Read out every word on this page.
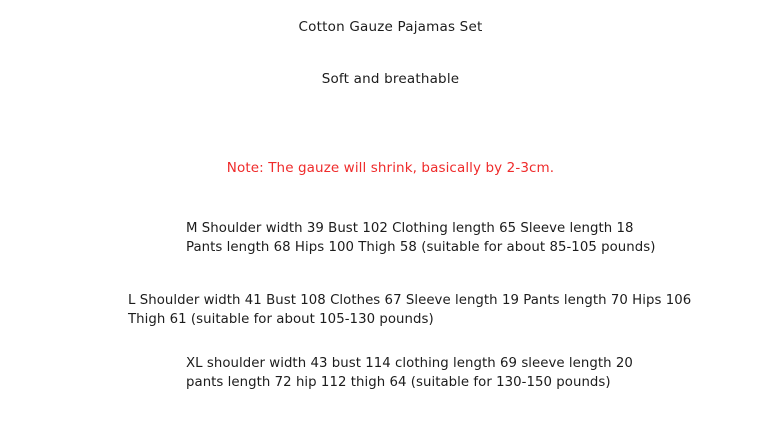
Cotton Gauze Pajamas Set
Soft and breathable
Note: The gauze will shrink, basically by 2-3cm.
M Shoulder width 39 Bust 102 Clothing length 65 Sleeve length 18 Pants length 68 Hips 100 Thigh 58 (suitable for about 85-105 pounds)
L Shoulder width 41 Bust 108 Clothes 67 Sleeve length 19 Pants length 70 Hips 106 Thigh 61 (suitable for about 105-130 pounds)
XL shoulder width 43 bust 114 clothing length 69 sleeve length 20 pants length 72 hip 112 thigh 64 (suitable for 130-150 pounds)
